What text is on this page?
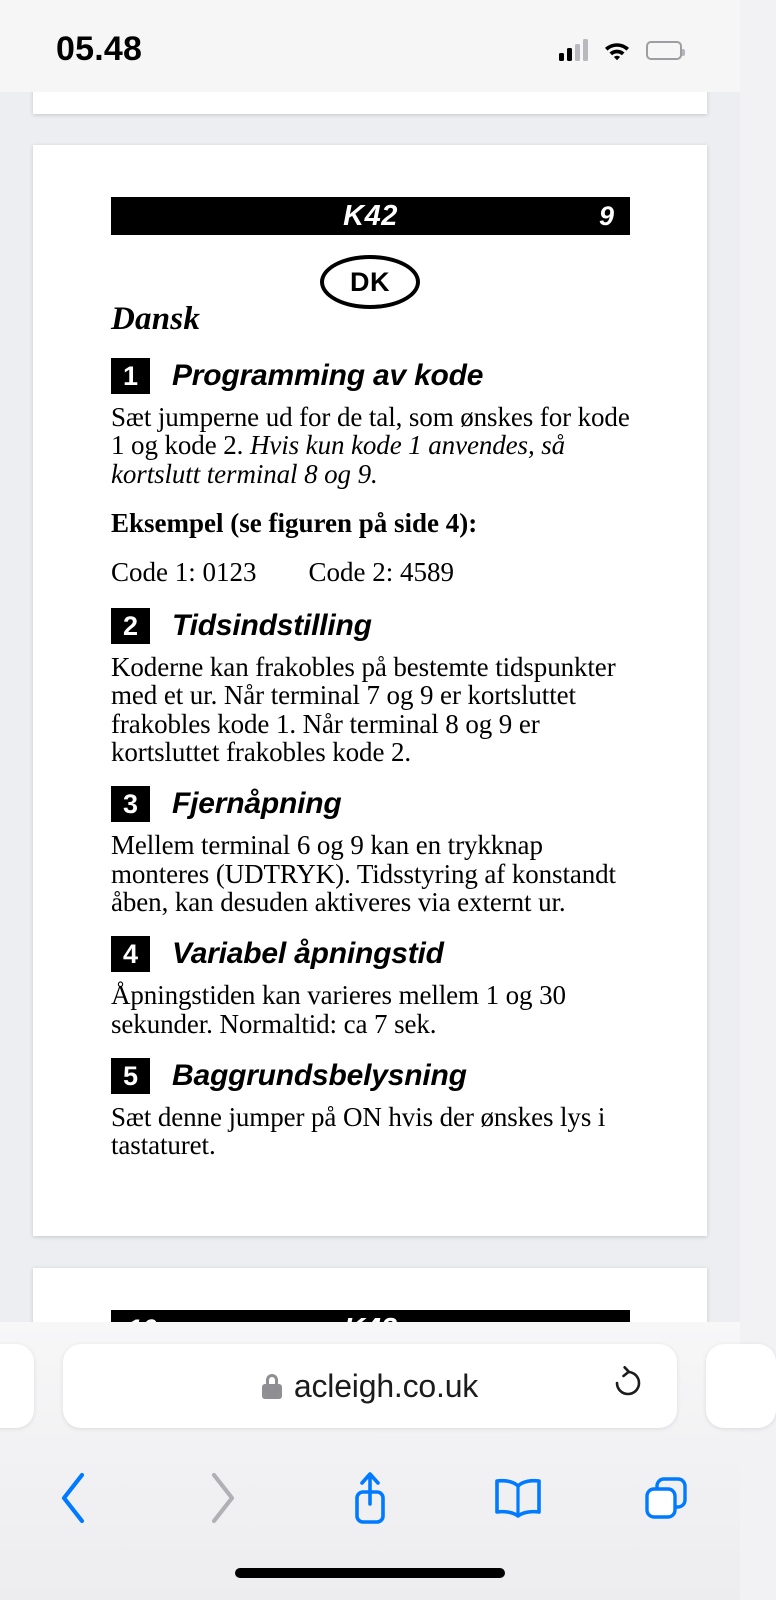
05.48
K42	9
DK
Dansk
1	Programming av kode
Sæt jumperne ud for de tal, som ønskes for kode 1 og kode 2. Hvis kun kode 1 anvendes, så kortslutt terminal 8 og 9.
Eksempel (se figuren på side 4):
Code 1: 0123 Code 2: 4589
2	Tidsindstilling
Koderne kan frakobles på bestemte tidspunkter med et ur. Når terminal 7 og 9 er kortsluttet frakobles kode 1. Når terminal 8 og 9 er kortsluttet frakobles kode 2.
3	Fjernåpning
Mellem terminal 6 og 9 kan en trykknap monteres (UDTRYK). Tidsstyring af konstandt åben, kan desuden aktiveres via externt ur.
4	Variabel åpningstid
Åpningstiden kan varieres mellem 1 og 30 sekunder. Normaltid: ca 7 sek.
5	Baggrundsbelysning
Sæt denne jumper på ON hvis der ønskes lys i tastaturet.
acleigh.co.uk
